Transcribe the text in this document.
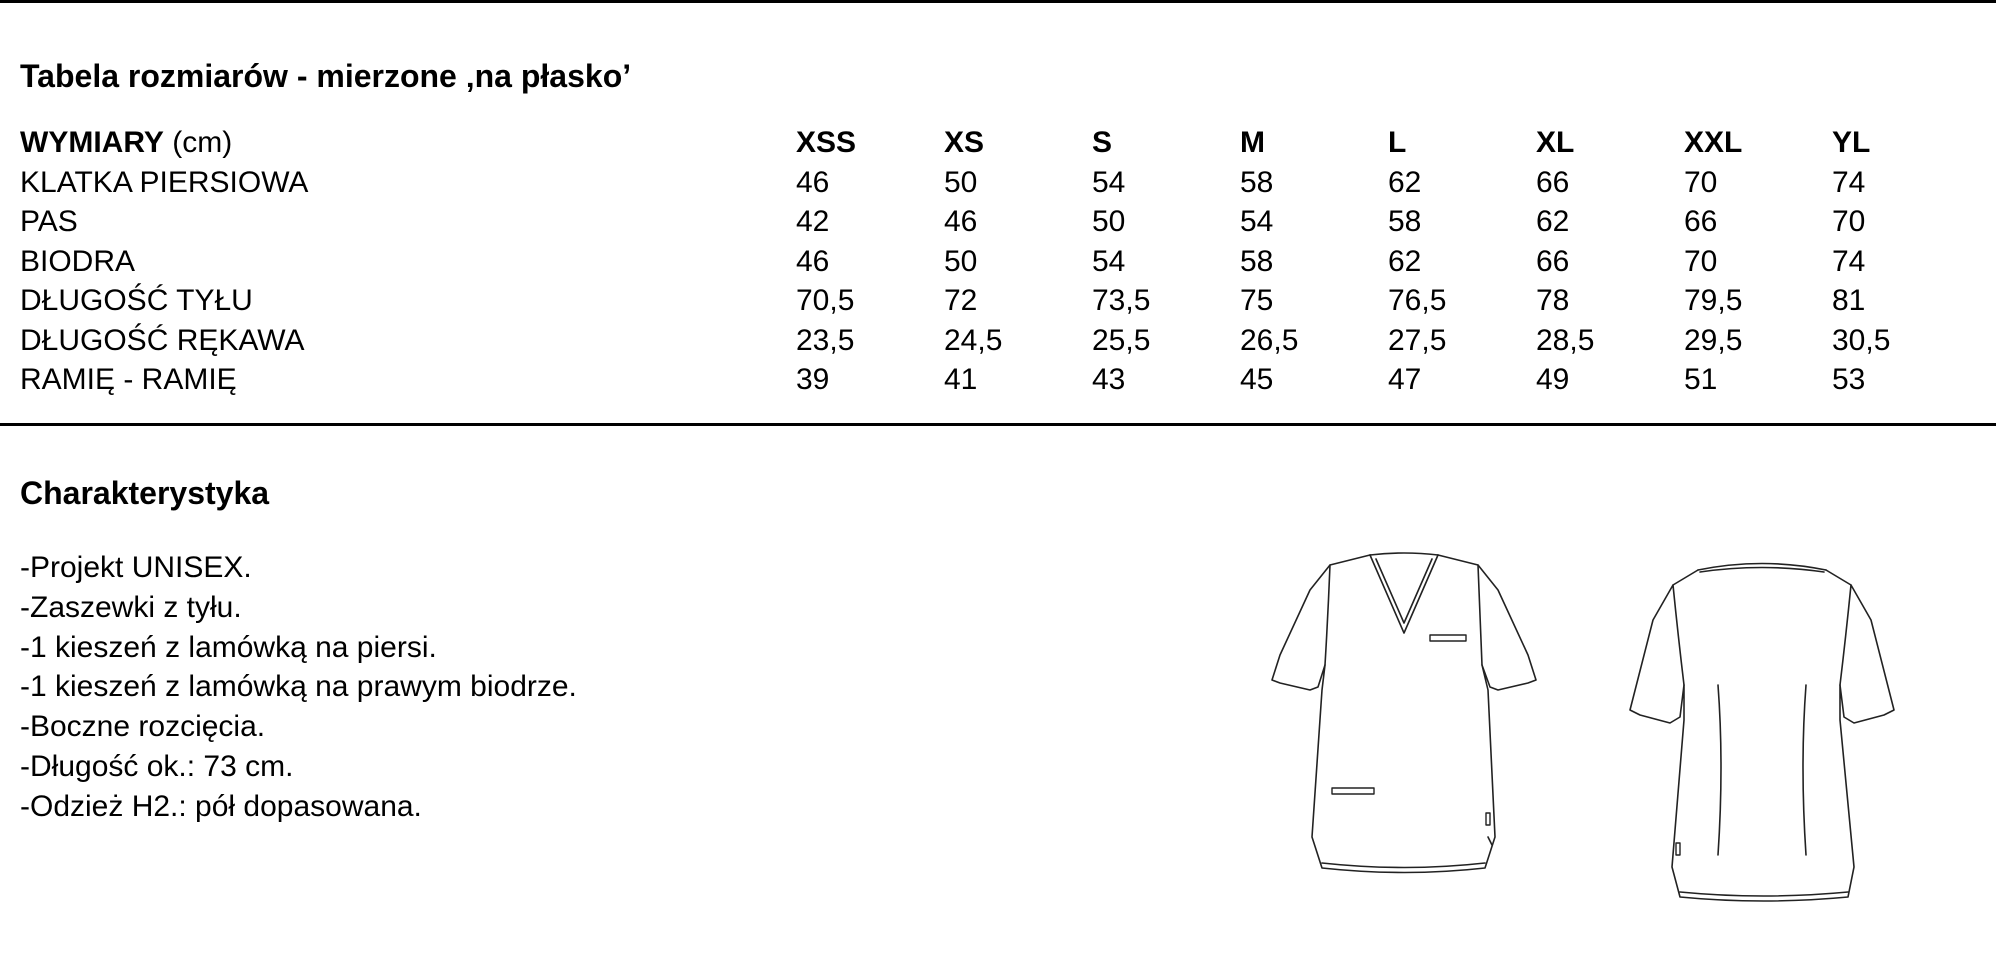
Tabela rozmiarów - mierzone ‚na płasko’
WYMIARY (cm)	XSS	XS	S	M	L	XL	XXL	YL
KLATKA PIERSIOWA	46	50	54	58	62	66	70	74
PAS	42	46	50	54	58	62	66	70
BIODRA	46	50	54	58	62	66	70	74
DŁUGOŚĆ TYŁU	70,5	72	73,5	75	76,5	78	79,5	81
DŁUGOŚĆ RĘKAWA	23,5	24,5	25,5	26,5	27,5	28,5	29,5	30,5
RAMIĘ - RAMIĘ	39	41	43	45	47	49	51	53
Charakterystyka
-Projekt UNISEX.
-Zaszewki z tyłu.
-1 kieszeń z lamówką na piersi.
-1 kieszeń z lamówką na prawym biodrze.
-Boczne rozcięcia.
-Długość ok.: 73 cm.
-Odzież H2.: pół dopasowana.
